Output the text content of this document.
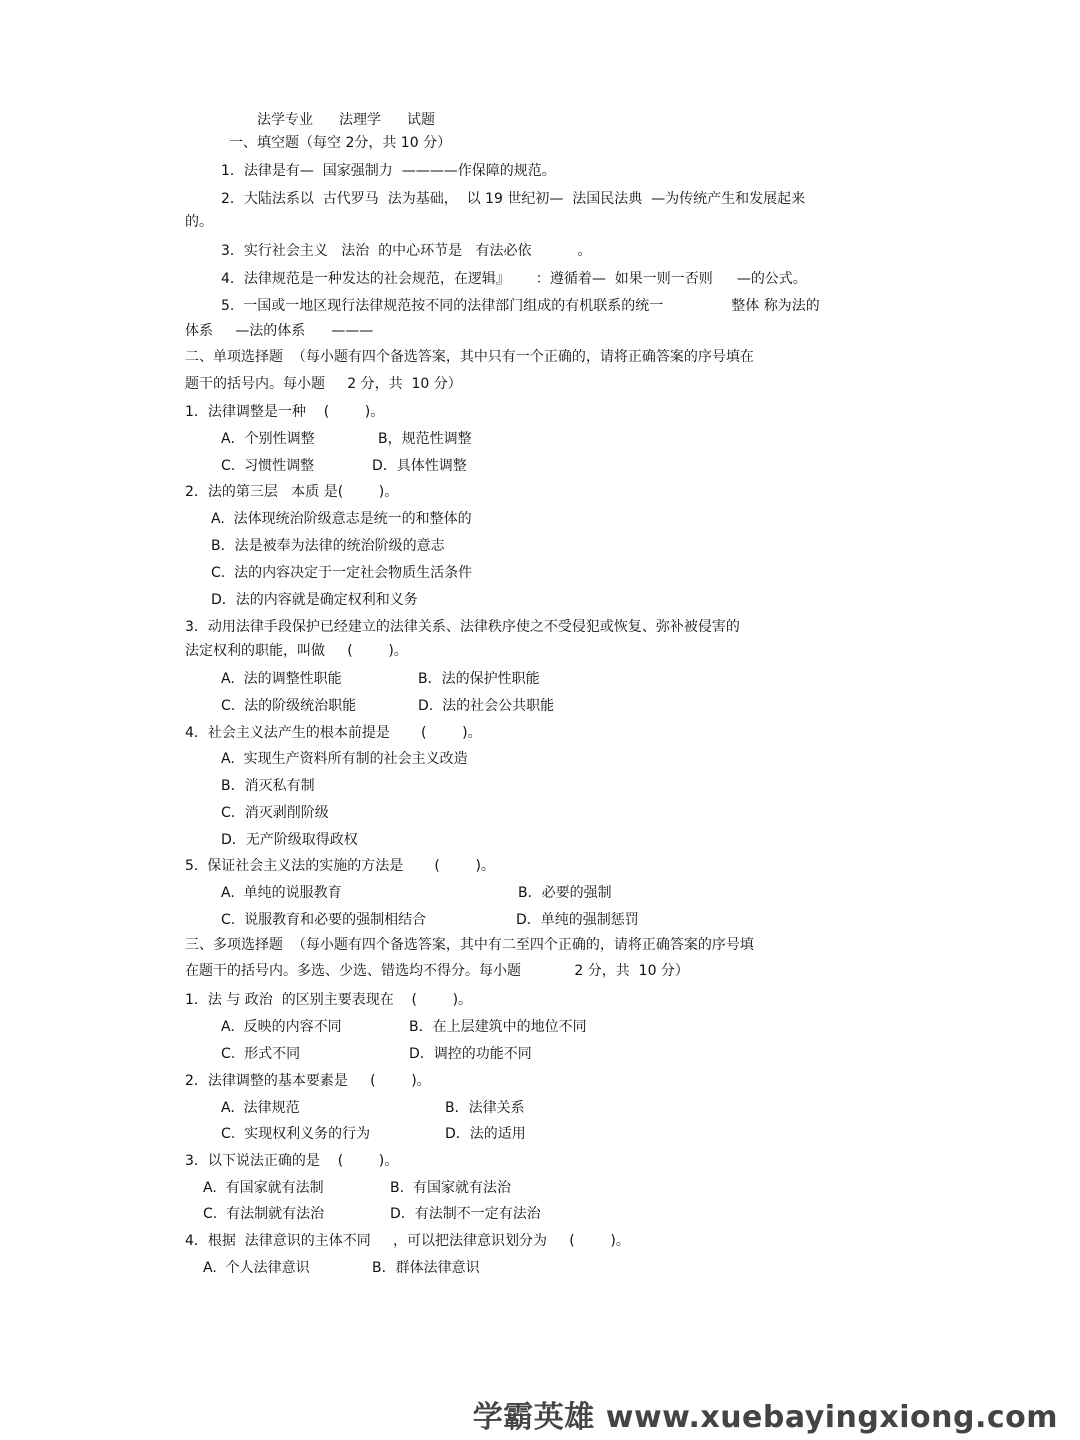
法学专业 法理学 试题
一、填空题（每空 2分，共 10 分）
1．法律是有—  国家强制力  ————作保障的规范。
2．大陆法系以  古代罗马  法为基础，  以 19 世纪初—  法国民法典  —为传统产生和发展起来
的。
3．实行社会主义   法治  的中心环节是   有法必依	。
4．法律规范是一种发达的社会规范，在逻辑』 ：遵循着—  如果一则一否则 —的公式。
5.  一国或一地区现行法律规范按不同的法律部门组成的有机联系的统一	整体 称为法的
体系     —法的体系 ———
二、单项选择题  （每小题有四个备选答案，其中只有一个正确的，请将正确答案的序号填在
题干的括号内。每小题     2 分，共  10 分）
1．法律调整是一种    (        )。
A．个别性调整	B，规范性调整
C.  习惯性调整	D．具体性调整
2．法的第三层   本质 是(        )。
A.  法体现统治阶级意志是统一的和整体的
B．法是被奉为法律的统治阶级的意志
C.  法的内容决定于一定社会物质生活条件
D．法的内容就是确定权利和义务
3．动用法律手段保护已经建立的法律关系、法律秩序使之不受侵犯或恢复、弥补被侵害的
法定权利的职能，叫做     (        )。
A.  法的调整性职能	B．法的保护性职能
C.  法的阶级统治职能	D.  法的社会公共职能
4．社会主义法产生的根本前提是       (        )。
A.  实现生产资料所有制的社会主义改造
B．消灭私有制
C．消灭剥削阶级
D．无产阶级取得政权
5.  保证社会主义法的实施的方法是       (        )。
A.  单纯的说服教育	B．必要的强制
C.  说服教育和必要的强制相结合	D．单纯的强制惩罚
三、多项选择题  （每小题有四个备选答案，其中有二至四个正确的，请将正确答案的序号填
在题干的括号内。多选、少选、错选均不得分。每小题            2 分，共  10 分）
1．法 与 政治  的区别主要表现在    (        )。
A.  反映的内容不同	B．在上层建筑中的地位不同
C.  形式不同	D．调控的功能不同
2．法律调整的基本要素是     (        )。
A.  法律规范	B．法律关系
C.  实现权利义务的行为	D．法的适用
3．以下说法正确的是    (        )。
A.  有国家就有法制	B.  有国家就有法治
C.  有法制就有法治	D．有法制不一定有法治
4．根据  法律意识的主体不同     ，可以把法律意识划分为     (        )。
A.  个人法律意识	B．群体法律意识
学霸英雄 www.xuebayingxiong.com
